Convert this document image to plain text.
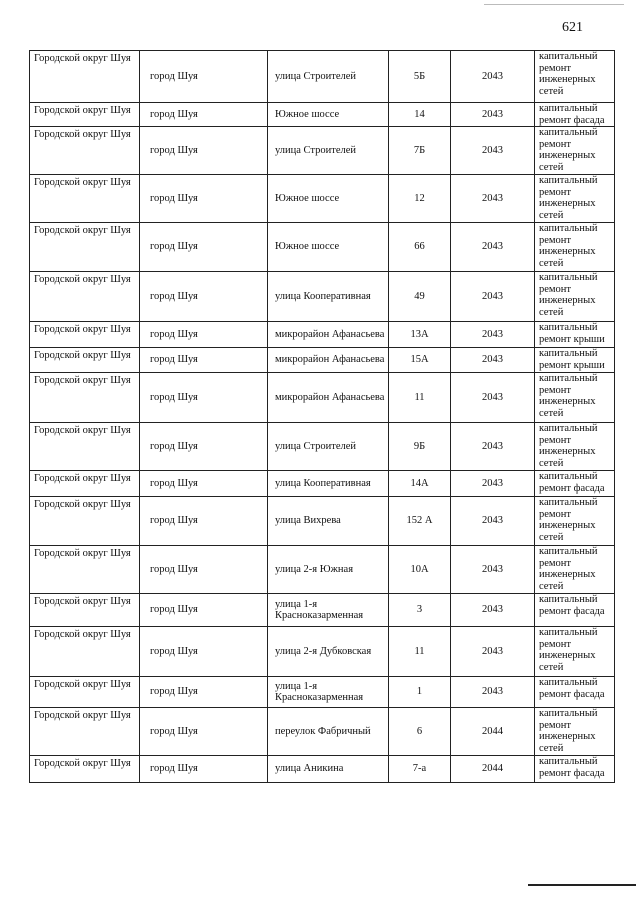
621
Городской округ Шуя	город Шуя	улица Строителей	5Б	2043	капитальный ремонт инженерных сетей
Городской округ Шуя	город Шуя	Южное шоссе	14	2043	капитальный ремонт фасада
Городской округ Шуя	город Шуя	улица Строителей	7Б	2043	капитальный ремонт инженерных сетей
Городской округ Шуя	город Шуя	Южное шоссе	12	2043	капитальный ремонт инженерных сетей
Городской округ Шуя	город Шуя	Южное шоссе	66	2043	капитальный ремонт инженерных сетей
Городской округ Шуя	город Шуя	улица Кооперативная	49	2043	капитальный ремонт инженерных сетей
Городской округ Шуя	город Шуя	микрорайон Афанасьева	13А	2043	капитальный ремонт крыши
Городской округ Шуя	город Шуя	микрорайон Афанасьева	15А	2043	капитальный ремонт крыши
Городской округ Шуя	город Шуя	микрорайон Афанасьева	11	2043	капитальный ремонт инженерных сетей
Городской округ Шуя	город Шуя	улица Строителей	9Б	2043	капитальный ремонт инженерных сетей
Городской округ Шуя	город Шуя	улица Кооперативная	14А	2043	капитальный ремонт фасада
Городской округ Шуя	город Шуя	улица Вихрева	152 А	2043	капитальный ремонт инженерных сетей
Городской округ Шуя	город Шуя	улица 2-я Южная	10А	2043	капитальный ремонт инженерных сетей
Городской округ Шуя	город Шуя	улица 1-я Краснокaзарменная	3	2043	капитальный ремонт фасада
Городской округ Шуя	город Шуя	улица 2-я Дубковская	11	2043	капитальный ремонт инженерных сетей
Городской округ Шуя	город Шуя	улица 1-я Краснокaзарменная	1	2043	капитальный ремонт фасада
Городской округ Шуя	город Шуя	переулок Фабричный	6	2044	капитальный ремонт инженерных сетей
Городской округ Шуя	город Шуя	улица Аникина	7-а	2044	капитальный ремонт фасада
